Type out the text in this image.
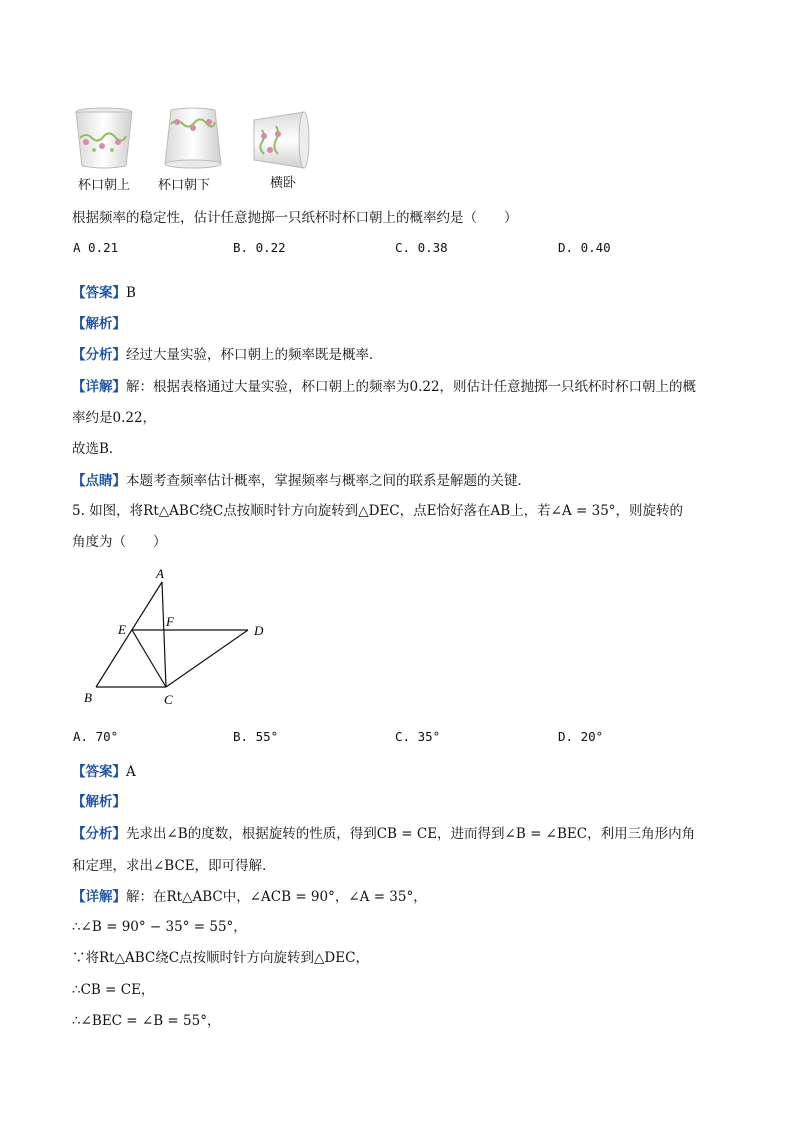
杯口朝上 杯口朝下	横卧
根据频率的稳定性，估计任意抛掷一只纸杯时杯口朝上的概率约是（　　）
A 0.21	B. 0.22	C. 0.38	D. 0.40
【答案】B
【解析】
【分析】经过大量实验，杯口朝上的频率既是概率．
【详解】解：根据表格通过大量实验，杯口朝上的频率为0.22，则估计任意抛掷一只纸杯时杯口朝上的概
率约是0.22，
故选B．
【点睛】本题考查频率估计概率，掌握频率与概率之间的联系是解题的关键．
5. 如图，将Rt△ABC绕C点按顺时针方向旋转到△DEC，点E恰好落在AB上，若∠A = 35°，则旋转的
角度为（　　）
A
B	C
D
E
F
A. 70°	B. 55°	C. 35°	D. 20°
【答案】A
【解析】
【分析】先求出∠B的度数，根据旋转的性质，得到CB = CE，进而得到∠B = ∠BEC，利用三角形内角
和定理，求出∠BCE，即可得解．
【详解】解：在Rt△ABC中，∠ACB = 90°，∠A = 35°，
∴∠B = 90° − 35° = 55°，
∵将Rt△ABC绕C点按顺时针方向旋转到△DEC，
∴CB = CE，
∴∠BEC = ∠B = 55°，
